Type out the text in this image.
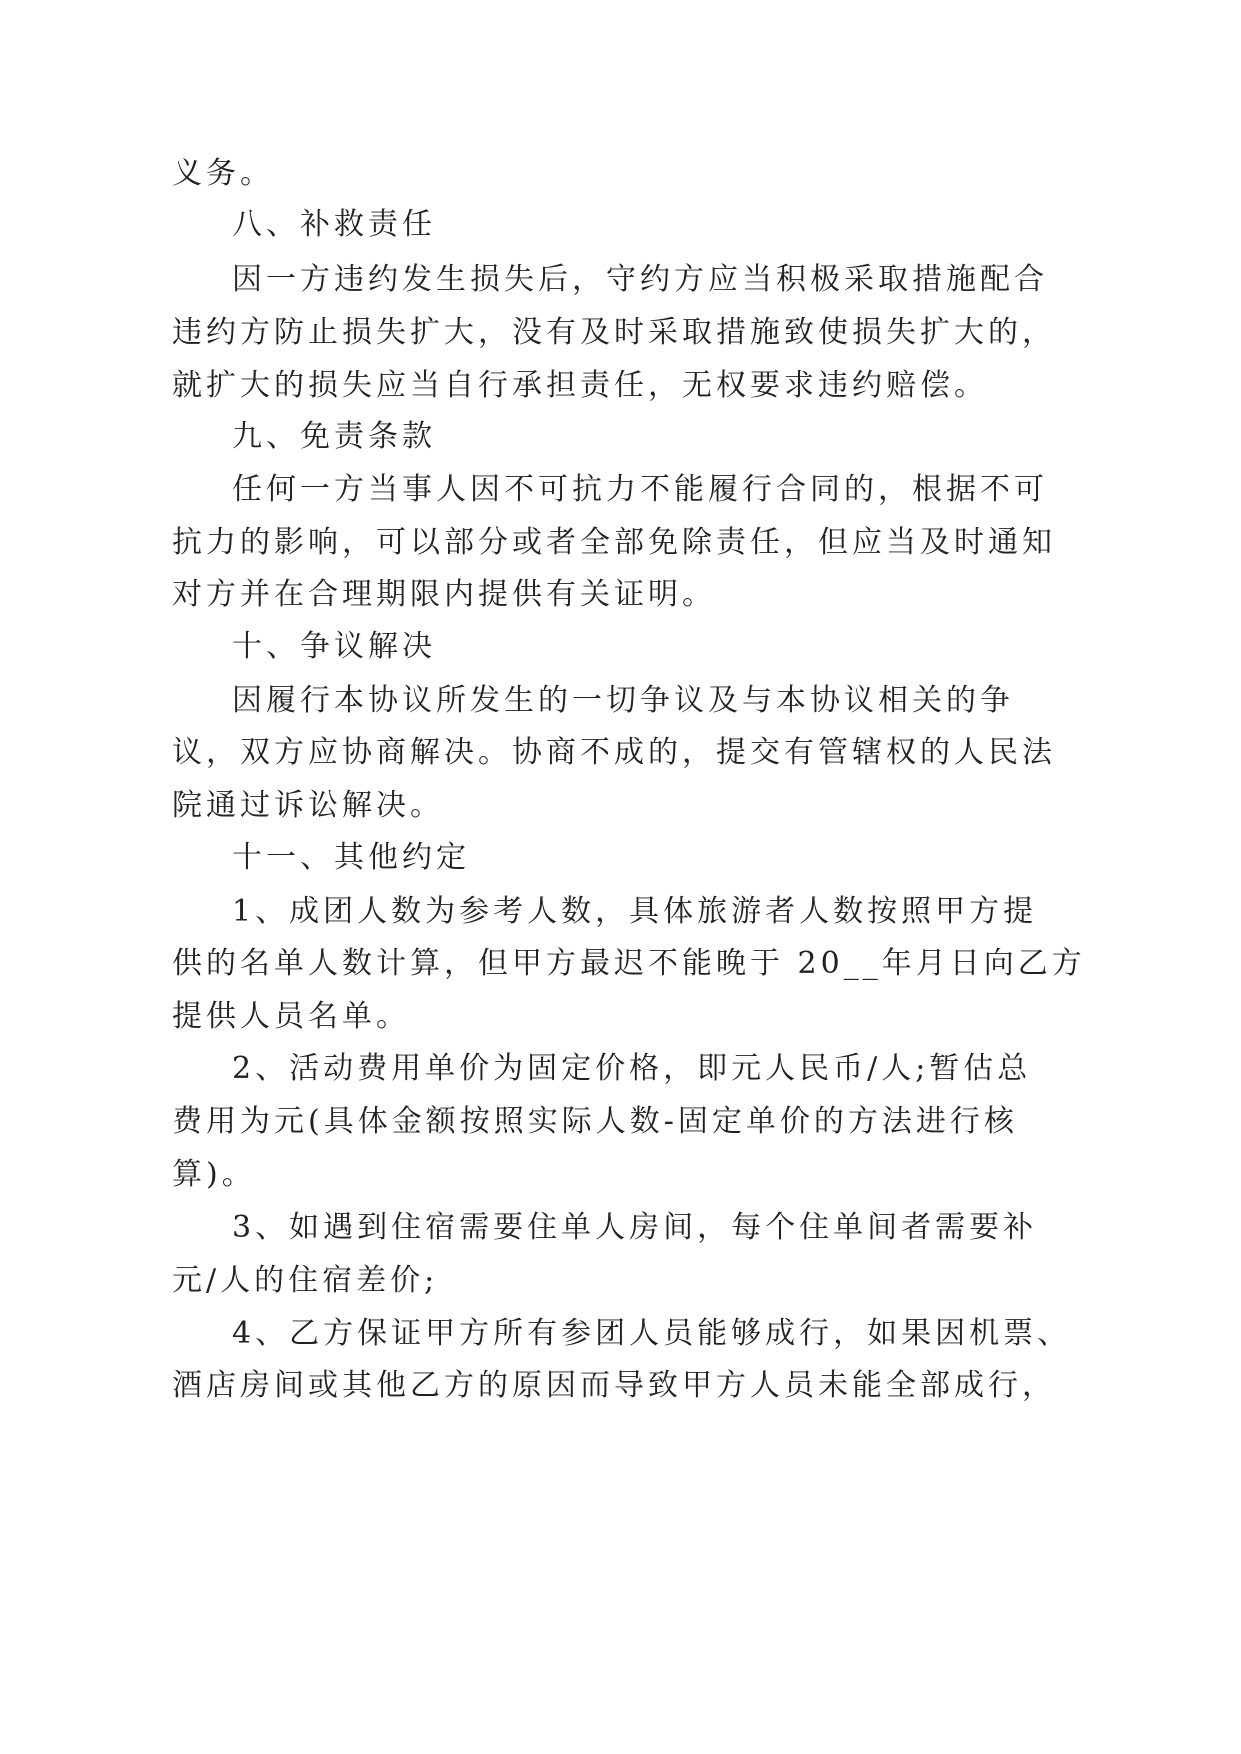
义务。
八、补救责任
因一方违约发生损失后，守约方应当积极采取措施配合
违约方防止损失扩大，没有及时采取措施致使损失扩大的，
就扩大的损失应当自行承担责任，无权要求违约赔偿。
九、免责条款
任何一方当事人因不可抗力不能履行合同的，根据不可
抗力的影响，可以部分或者全部免除责任，但应当及时通知
对方并在合理期限内提供有关证明。
十、争议解决
因履行本协议所发生的一切争议及与本协议相关的争
议，双方应协商解决。协商不成的，提交有管辖权的人民法
院通过诉讼解决。
十一、其他约定
1、成团人数为参考人数，具体旅游者人数按照甲方提
供的名单人数计算，但甲方最迟不能晚于 20__年月日向乙方
提供人员名单。
2、活动费用单价为固定价格，即元人民币/人;暂估总
费用为元(具体金额按照实际人数-固定单价的方法进行核
算)。
3、如遇到住宿需要住单人房间，每个住单间者需要补
元/人的住宿差价;
4、乙方保证甲方所有参团人员能够成行，如果因机票、
酒店房间或其他乙方的原因而导致甲方人员未能全部成行，
